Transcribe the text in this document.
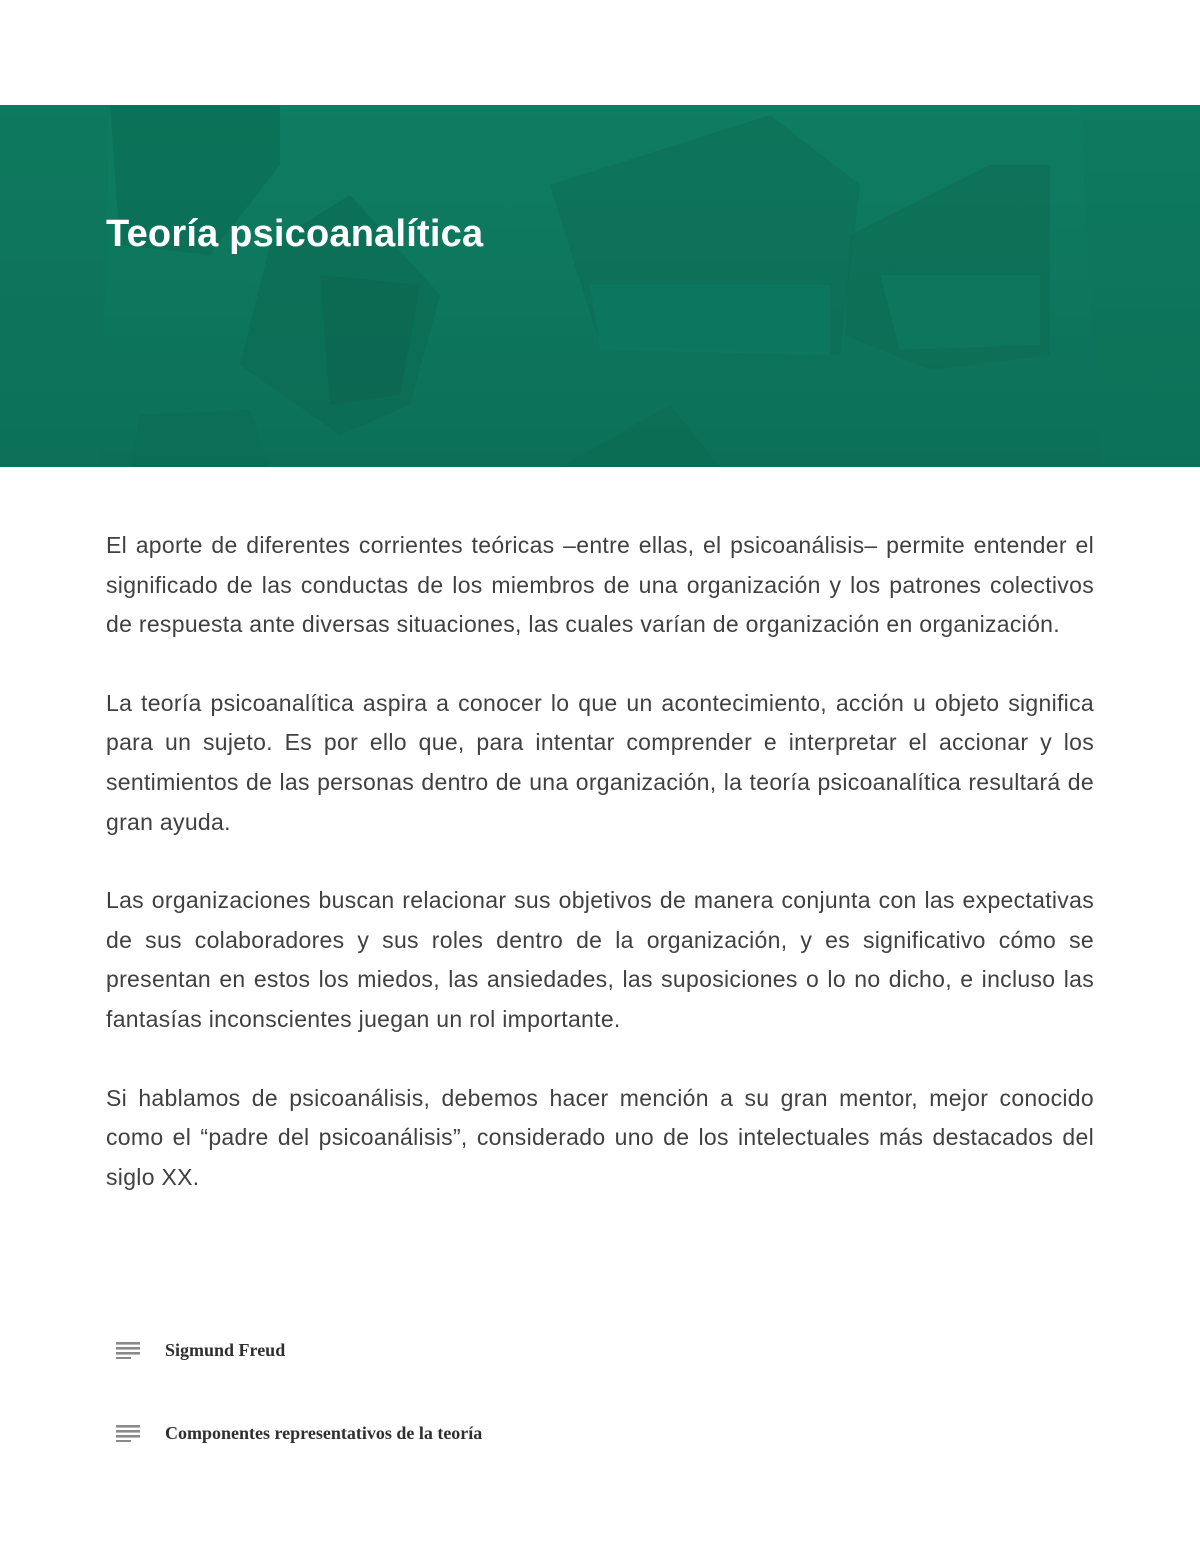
Teoría psicoanalítica

El aporte de diferentes corrientes teóricas –entre ellas, el psicoanálisis– permite entender el significado de las conductas de los miembros de una organización y los patrones colectivos de respuesta ante diversas situaciones, las cuales varían de organización en organización.

La teoría psicoanalítica aspira a conocer lo que un acontecimiento, acción u objeto significa para un sujeto. Es por ello que, para intentar comprender e interpretar el accionar y los sentimientos de las personas dentro de una organización, la teoría psicoanalítica resultará de gran ayuda.

Las organizaciones buscan relacionar sus objetivos de manera conjunta con las expectativas de sus colaboradores y sus roles dentro de la organización, y es significativo cómo se presentan en estos los miedos, las ansiedades, las suposiciones o lo no dicho, e incluso las fantasías inconscientes juegan un rol importante.

Si hablamos de psicoanálisis, debemos hacer mención a su gran mentor, mejor conocido como el “padre del psicoanálisis”, considerado uno de los intelectuales más destacados del siglo XX.

Sigmund Freud
Componentes representativos de la teoría
